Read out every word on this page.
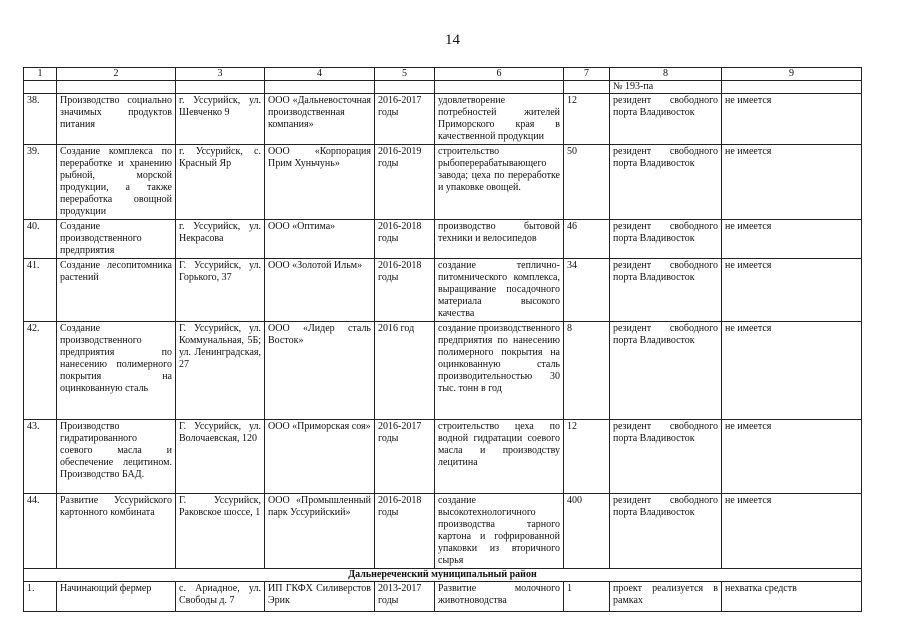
14
1	2	3	4	5	6	7	8	9
							№ 193-па	
38.	Производство социально значимых продуктов питания	г. Уссурийск, ул. Шевченко 9	ООО «Дальневосточная производственная компания»	2016-2017 годы	удовлетворение потребностей жителей Приморского края в качественной продукции	12	резидент свободного порта Владивосток	не имеется
39.	Создание комплекса по переработке и хранению рыбной, морской продукции, а также переработка овощной продукции	г. Уссурийск, с. Красный Яр	ООО «Корпорация Прим Хуньчунь»	2016-2019 годы	строительство рыбоперерабатывающего завода; цеха по переработке и упаковке овощей.	50	резидент свободного порта Владивосток	не имеется
40.	Создание производственного предприятия	г. Уссурийск, ул. Некрасова	ООО «Оптима»	2016-2018 годы	производство бытовой техники и велосипедов	46	резидент свободного порта Владивосток	не имеется
41.	Создание лесопитомника растений	Г. Уссурийск, ул. Горького, 37	ООО «Золотой Ильм»	2016-2018 годы	создание теплично-питомнического комплекса, выращивание посадочного материала высокого качества	34	резидент свободного порта Владивосток	не имеется
42.	Создание производственного предприятия по нанесению полимерного покрытия на оцинкованную сталь	Г. Уссурийск, ул. Коммунальная, 5Б; ул. Ленинградская, 27	ООО «Лидер сталь Восток»	2016 год	создание производственного предприятия по нанесению полимерного покрытия на оцинкованную сталь производительностью 30 тыс. тонн в год	8	резидент свободного порта Владивосток	не имеется
43.	Производство гидратированного соевого масла и обеспечение лецитином. Производство БАД.	Г. Уссурийск, ул. Волочаевская, 120	ООО «Приморская соя»	2016-2017 годы	строительство цеха по водной гидратации соевого масла и производству лецитина	12	резидент свободного порта Владивосток	не имеется
44.	Развитие Уссурийского картонного комбината	Г. Уссурийск, Раковское шоссе, 1	ООО «Промышленный парк Уссурийский»	2016-2018 годы	создание высокотехнологичного производства тарного картона и гофрированной упаковки из вторичного сырья	400	резидент свободного порта Владивосток	не имеется
Дальнереченский муниципальный район								
1.	Начинающий фермер	с. Ариадное, ул. Свободы д. 7	ИП ГКФХ Силиверстов Эрик	2013-2017 годы	Развитие молочного животноводства	1	проект реализуется в рамках	нехватка средств
